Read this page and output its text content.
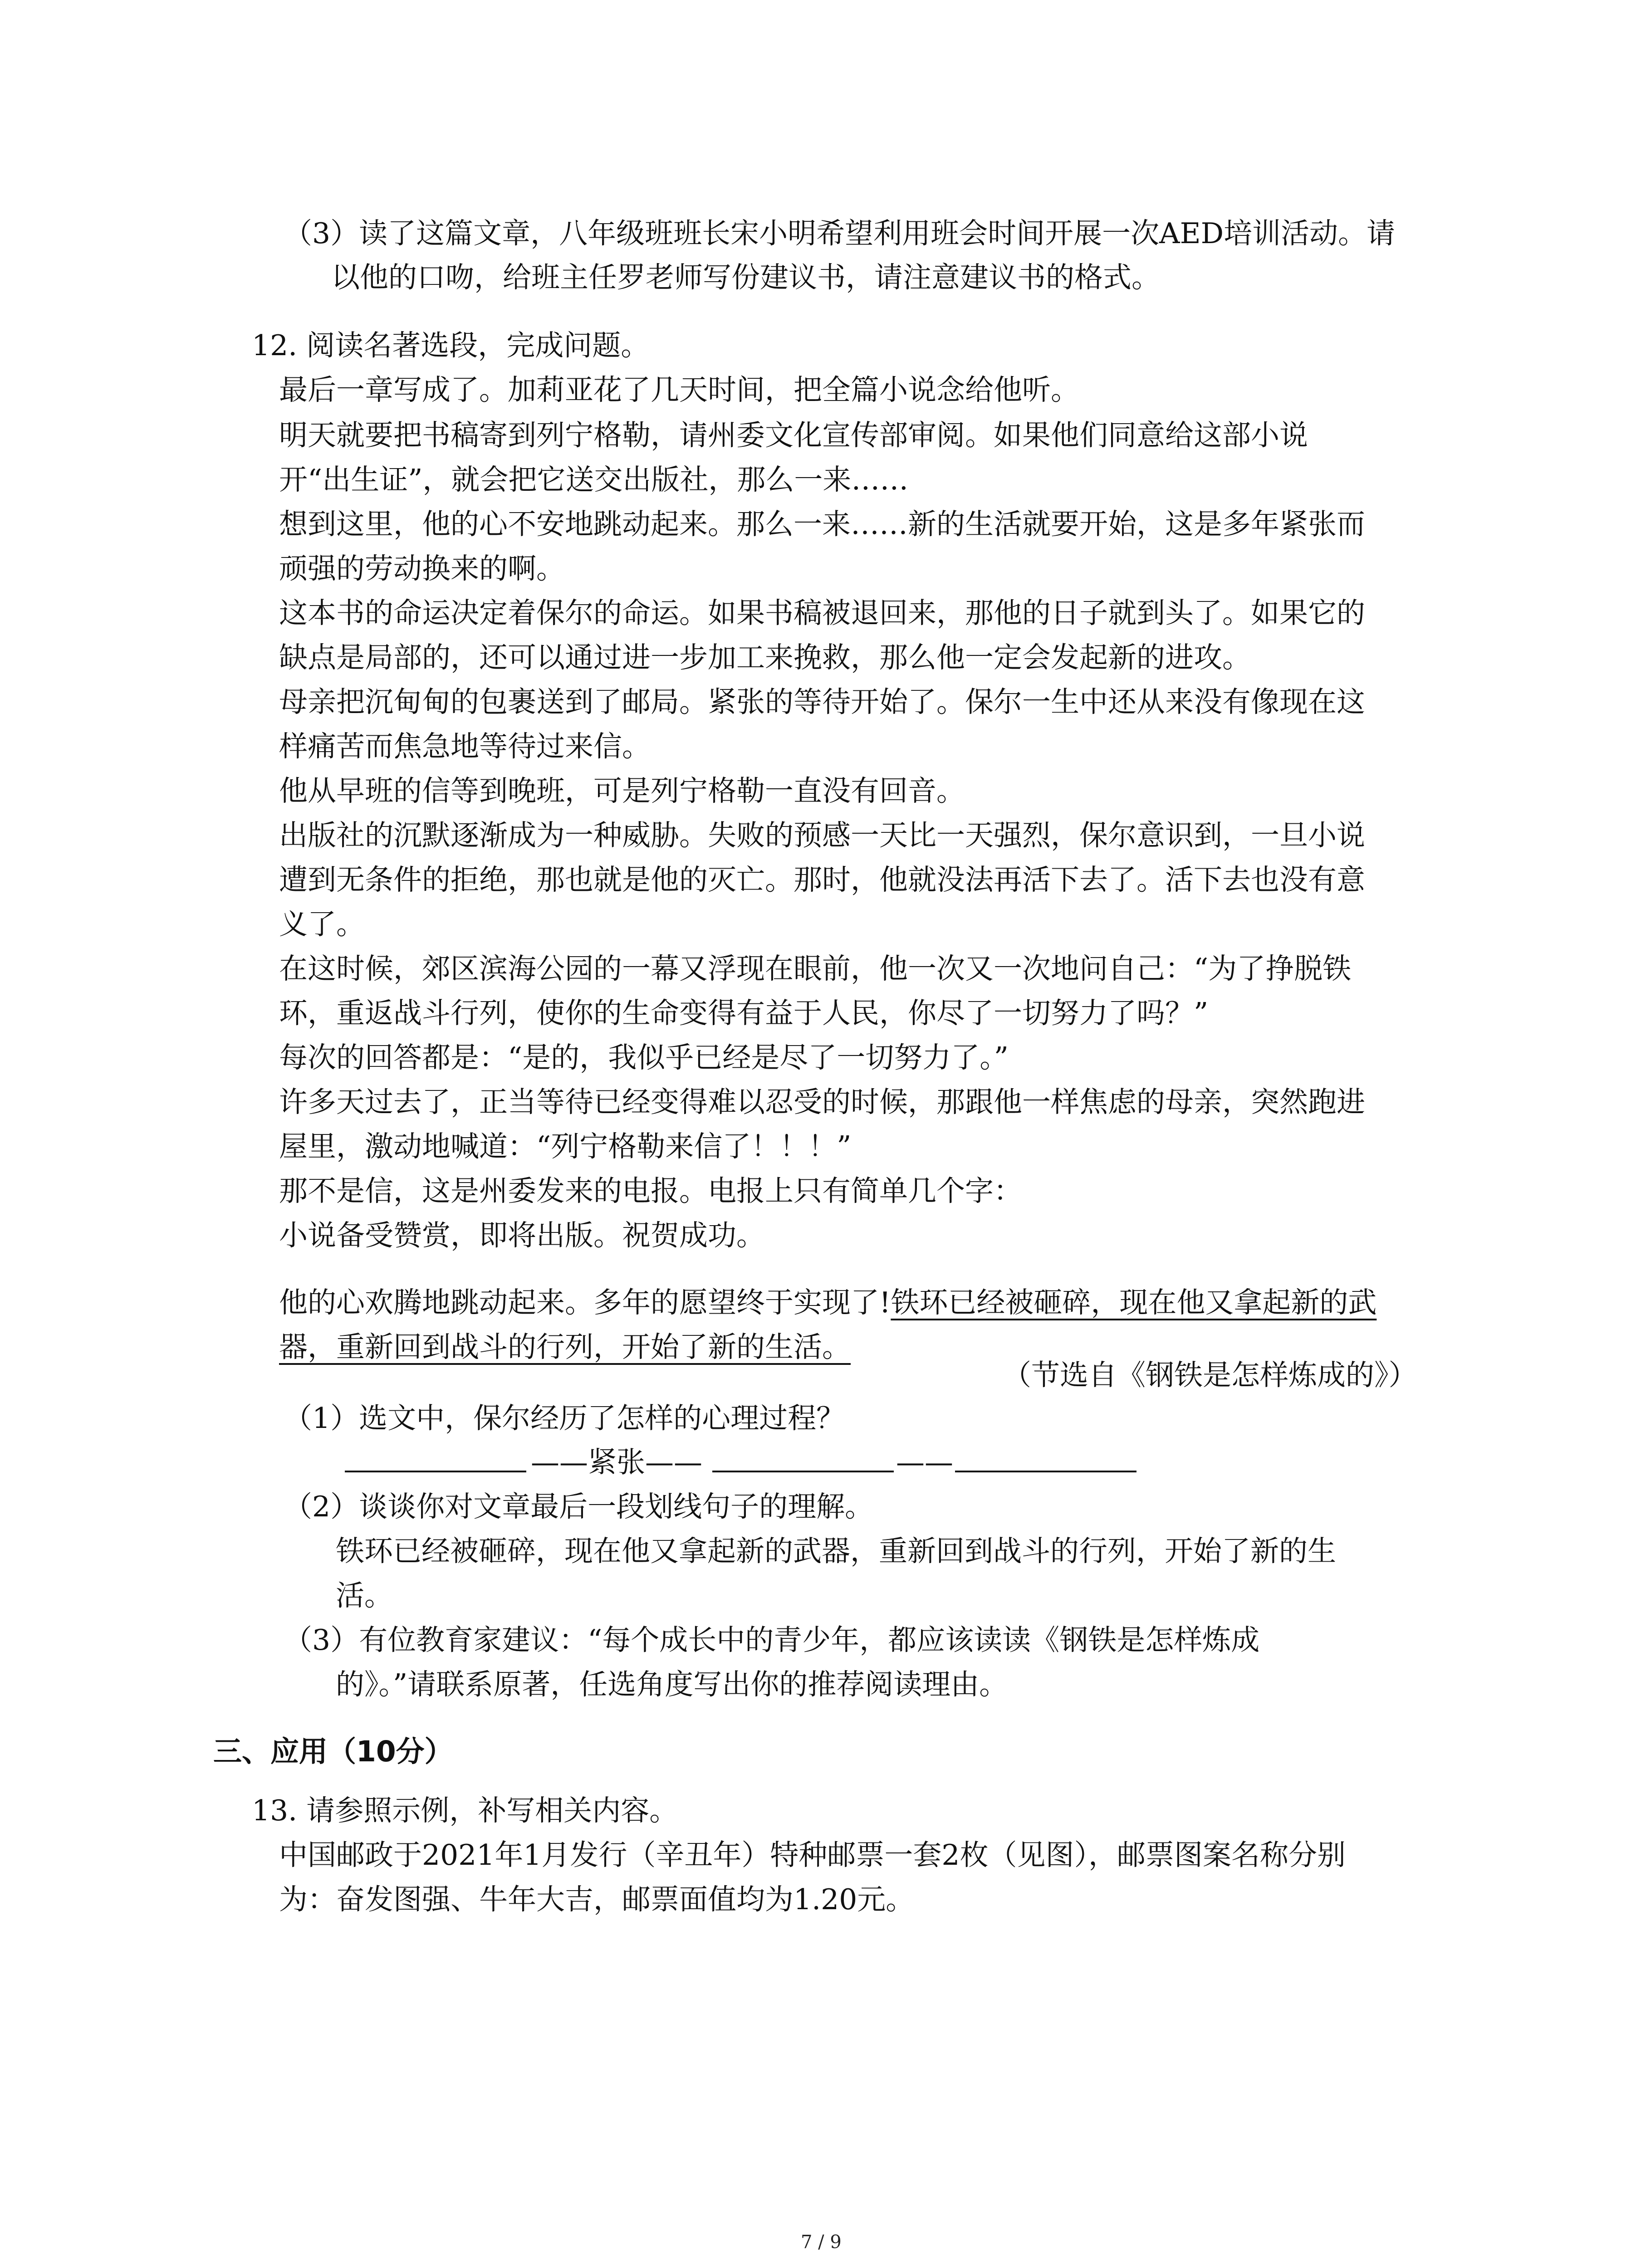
（3）读了这篇文章，八年级班班长宋小明希望利用班会时间开展一次AED培训活动。请
以他的口吻，给班主任罗老师写份建议书，请注意建议书的格式。
12. 阅读名著选段，完成问题。
最后一章写成了。加莉亚花了几天时间，把全篇小说念给他听。
明天就要把书稿寄到列宁格勒，请州委文化宣传部审阅。如果他们同意给这部小说
开“出生证”，就会把它送交出版社，那么一来……
想到这里，他的心不安地跳动起来。那么一来……新的生活就要开始，这是多年紧张而
顽强的劳动换来的啊。
这本书的命运决定着保尔的命运。如果书稿被退回来，那他的日子就到头了。如果它的
缺点是局部的，还可以通过进一步加工来挽救，那么他一定会发起新的进攻。
母亲把沉甸甸的包裹送到了邮局。紧张的等待开始了。保尔一生中还从来没有像现在这
样痛苦而焦急地等待过来信。
他从早班的信等到晚班，可是列宁格勒一直没有回音。
出版社的沉默逐渐成为一种威胁。失败的预感一天比一天强烈，保尔意识到，一旦小说
遭到无条件的拒绝，那也就是他的灭亡。那时，他就没法再活下去了。活下去也没有意
义了。
在这时候，郊区滨海公园的一幕又浮现在眼前，他一次又一次地问自己：“为了挣脱铁
环，重返战斗行列，使你的生命变得有益于人民，你尽了一切努力了吗？”
每次的回答都是：“是的，我似乎已经是尽了一切努力了。”
许多天过去了，正当等待已经变得难以忍受的时候，那跟他一样焦虑的母亲，突然跑进
屋里，激动地喊道：“列宁格勒来信了！！！”
那不是信，这是州委发来的电报。电报上只有简单几个字：
小说备受赞赏，即将出版。祝贺成功。
他的心欢腾地跳动起来。多年的愿望终于实现了!铁环已经被砸碎，现在他又拿起新的武
器，重新回到战斗的行列，开始了新的生活。
（节选自《钢铁是怎样炼成的》）
（1）选文中，保尔经历了怎样的心理过程？
——紧张——	——
（2）谈谈你对文章最后一段划线句子的理解。
铁环已经被砸碎，现在他又拿起新的武器，重新回到战斗的行列，开始了新的生
活。
（3）有位教育家建议：“每个成长中的青少年，都应该读读《钢铁是怎样炼成
的》。”请联系原著，任选角度写出你的推荐阅读理由。
三、应用（10分）
13. 请参照示例，补写相关内容。
中国邮政于2021年1月发行（辛丑年）特种邮票一套2枚（见图），邮票图案名称分别
为：奋发图强、牛年大吉，邮票面值均为1.20元。
7 / 9
